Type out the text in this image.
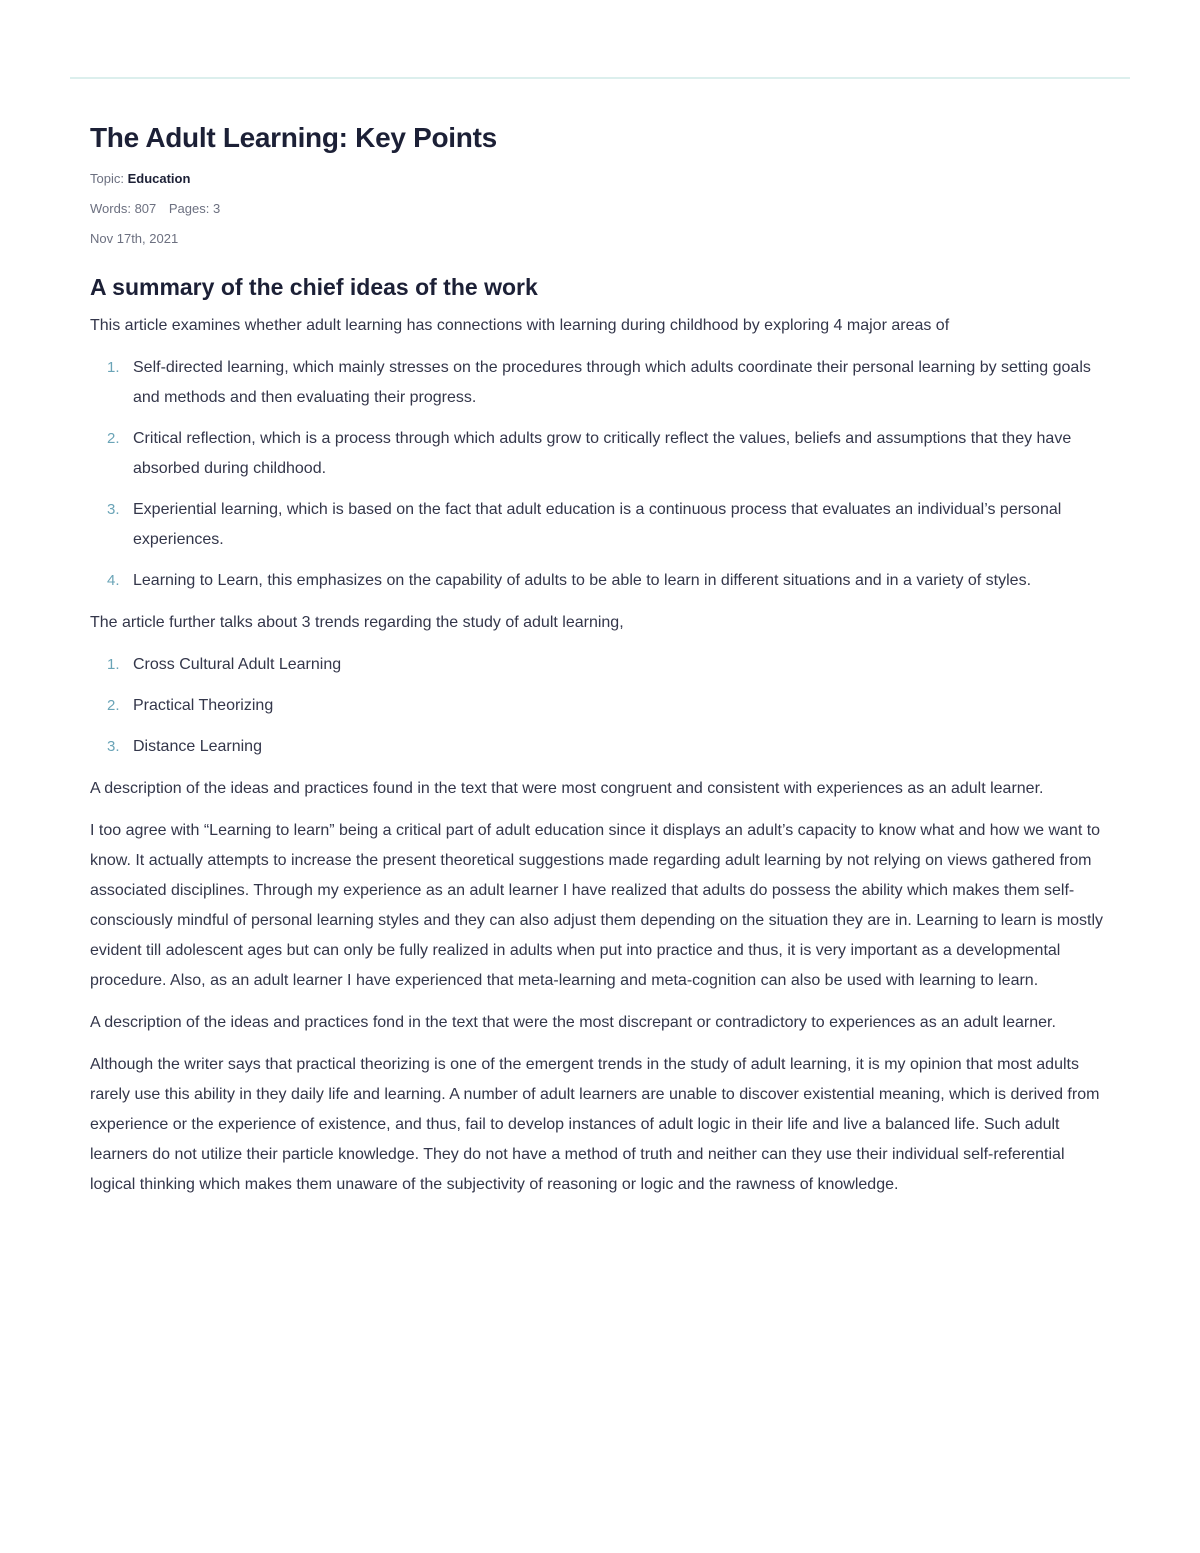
The Adult Learning: Key Points
Topic: Education
Words: 807 Pages: 3
Nov 17th, 2021
A summary of the chief ideas of the work

This article examines whether adult learning has connections with learning during childhood by exploring 4 major areas of

1. Self-directed learning, which mainly stresses on the procedures through which adults coordinate their personal learning by setting goals and methods and then evaluating their progress.
2. Critical reflection, which is a process through which adults grow to critically reflect the values, beliefs and assumptions that they have absorbed during childhood.
3. Experiential learning, which is based on the fact that adult education is a continuous process that evaluates an individual’s personal experiences.
4. Learning to Learn, this emphasizes on the capability of adults to be able to learn in different situations and in a variety of styles.

The article further talks about 3 trends regarding the study of adult learning,

1. Cross Cultural Adult Learning
2. Practical Theorizing
3. Distance Learning

A description of the ideas and practices found in the text that were most congruent and consistent with experiences as an adult learner.

I too agree with “Learning to learn” being a critical part of adult education since it displays an adult’s capacity to know what and how we want to know. It actually attempts to increase the present theoretical suggestions made regarding adult learning by not relying on views gathered from associated disciplines. Through my experience as an adult learner I have realized that adults do possess the ability which makes them self-consciously mindful of personal learning styles and they can also adjust them depending on the situation they are in. Learning to learn is mostly evident till adolescent ages but can only be fully realized in adults when put into practice and thus, it is very important as a developmental procedure. Also, as an adult learner I have experienced that meta-learning and meta-cognition can also be used with learning to learn.

A description of the ideas and practices fond in the text that were the most discrepant or contradictory to experiences as an adult learner.

Although the writer says that practical theorizing is one of the emergent trends in the study of adult learning, it is my opinion that most adults rarely use this ability in they daily life and learning. A number of adult learners are unable to discover existential meaning, which is derived from experience or the experience of existence, and thus, fail to develop instances of adult logic in their life and live a balanced life. Such adult learners do not utilize their particle knowledge. They do not have a method of truth and neither can they use their individual self-referential logical thinking which makes them unaware of the subjectivity of reasoning or logic and the rawness of knowledge.
